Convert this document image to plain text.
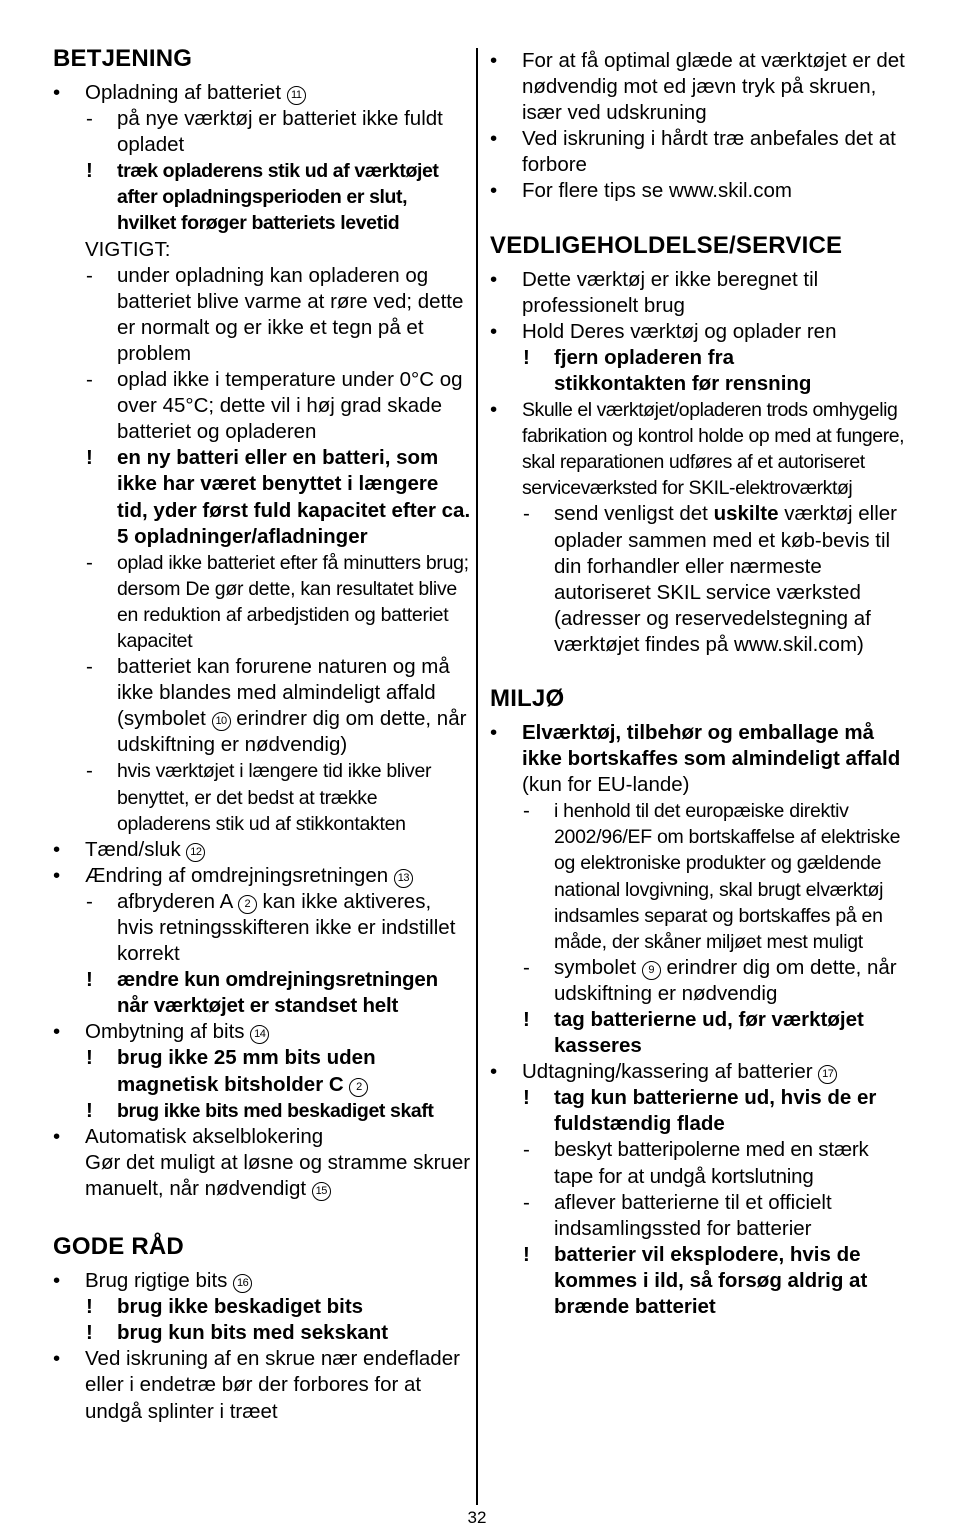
BETJENING
• Opladning af batteriet 11
- på nye værktøj er batteriet ikke fuldt opladet
! træk opladerens stik ud af værktøjet after opladningsperioden er slut, hvilket forøger batteriets levetid
VIGTIGT:
- under opladning kan opladeren og batteriet blive varme at røre ved; dette er normalt og er ikke et tegn på et problem
- oplad ikke i temperature under 0°C og over 45°C; dette vil i høj grad skade batteriet og opladeren
! en ny batteri eller en batteri, som ikke har været benyttet i længere tid, yder først fuld kapacitet efter ca. 5 opladninger/afladninger
- oplad ikke batteriet efter få minutters brug; dersom De gør dette, kan resultatet blive en reduktion af arbedjstiden og batteriet kapacitet
- batteriet kan forurene naturen og må ikke blandes med almindeligt affald (symbolet 10 erindrer dig om dette, når udskiftning er nødvendig)
- hvis værktøjet i længere tid ikke bliver benyttet, er det bedst at trække opladerens stik ud af stikkontakten
• Tænd/sluk 12
• Ændring af omdrejningsretningen 13
- afbryderen A 2 kan ikke aktiveres, hvis retningsskifteren ikke er indstillet korrekt
! ændre kun omdrejningsretningen når værktøjet er standset helt
• Ombytning af bits 14
! brug ikke 25 mm bits uden magnetisk bitsholder C 2
! brug ikke bits med beskadiget skaft
• Automatisk akselblokering
Gør det muligt at løsne og stramme skruer manuelt, når nødvendigt 15
GODE RÅD
• Brug rigtige bits 16
! brug ikke beskadiget bits
! brug kun bits med sekskant
• Ved iskruning af en skrue nær endeflader eller i endetræ bør der forbores for at undgå splinter i træet
• For at få optimal glæde at værktøjet er det nødvendig mot ed jævn tryk på skruen, især ved udskruning
• Ved iskruning i hårdt træ anbefales det at forbore
• For flere tips se www.skil.com
VEDLIGEHOLDELSE/SERVICE
• Dette værktøj er ikke beregnet til professionelt brug
• Hold Deres værktøj og oplader ren
! fjern opladeren fra stikkontakten før rensning
• Skulle el værktøjet/opladeren trods omhygelig fabrikation og kontrol holde op med at fungere, skal reparationen udføres af et autoriseret serviceværksted for SKIL-elektroværktøj
- send venligst det uskilte værktøj eller oplader sammen med et køb-bevis til din forhandler eller nærmeste autoriseret SKIL service værksted (adresser og reservedelstegning af værktøjet findes på www.skil.com)
MILJØ
• Elværktøj, tilbehør og emballage må ikke bortskaffes som almindeligt affald (kun for EU-lande)
- i henhold til det europæiske direktiv 2002/96/EF om bortskaffelse af elektriske og elektroniske produkter og gældende national lovgivning, skal brugt elværktøj indsamles separat og bortskaffes på en måde, der skåner miljøet mest muligt
- symbolet 9 erindrer dig om dette, når udskiftning er nødvendig
! tag batterierne ud, før værktøjet kasseres
• Udtagning/kassering af batterier 17
! tag kun batterierne ud, hvis de er fuldstændig flade
- beskyt batteripolerne med en stærk tape for at undgå kortslutning
- aflever batterierne til et officielt indsamlingssted for batterier
! batterier vil eksplodere, hvis de kommes i ild, så forsøg aldrig at brænde batteriet
32
